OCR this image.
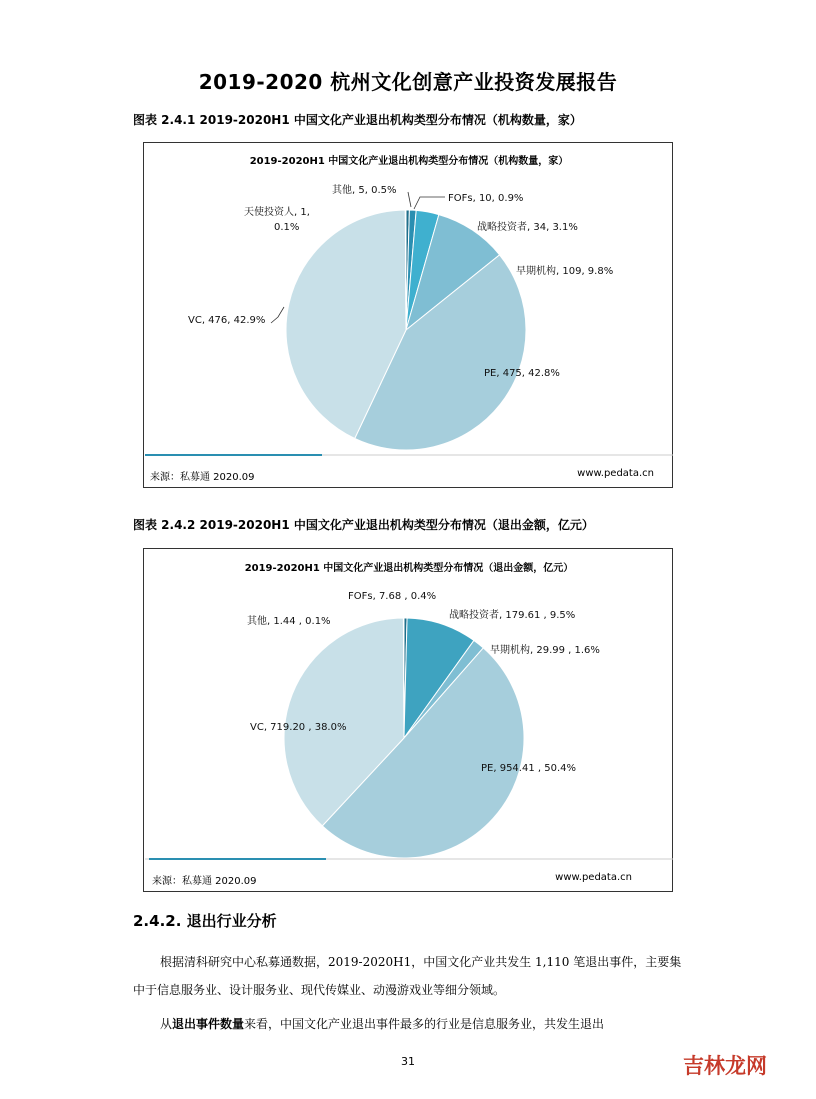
2019-2020 杭州文化创意产业投资发展报告
图表 2.4.1 2019-2020H1 中国文化产业退出机构类型分布情况（机构数量，家）
2019-2020H1 中国文化产业退出机构类型分布情况（机构数量，家）
其他, 5, 0.5%
FOFs, 10, 0.9%
战略投资者, 34, 3.1%
早期机构, 109, 9.8%
PE, 475, 42.8%
VC, 476, 42.9%
天使投资人, 1,
0.1%
来源：私募通 2020.09	www.pedata.cn
图表 2.4.2 2019-2020H1 中国文化产业退出机构类型分布情况（退出金额，亿元）
2019-2020H1 中国文化产业退出机构类型分布情况（退出金额，亿元）
FOFs, 7.68 , 0.4%
战略投资者, 179.61 , 9.5%
早期机构, 29.99 , 1.6%
PE, 954.41 , 50.4%
VC, 719.20 , 38.0%
其他, 1.44 , 0.1%
来源：私募通 2020.09	www.pedata.cn
2.4.2. 退出行业分析
根据清科研究中心私募通数据，2019-2020H1，中国文化产业共发生 1,110 笔退出事件，主要集中于信息服务业、设计服务业、现代传媒业、动漫游戏业等细分领域。
从退出事件数量来看，中国文化产业退出事件最多的行业是信息服务业，共发生退出
31	吉林龙网
